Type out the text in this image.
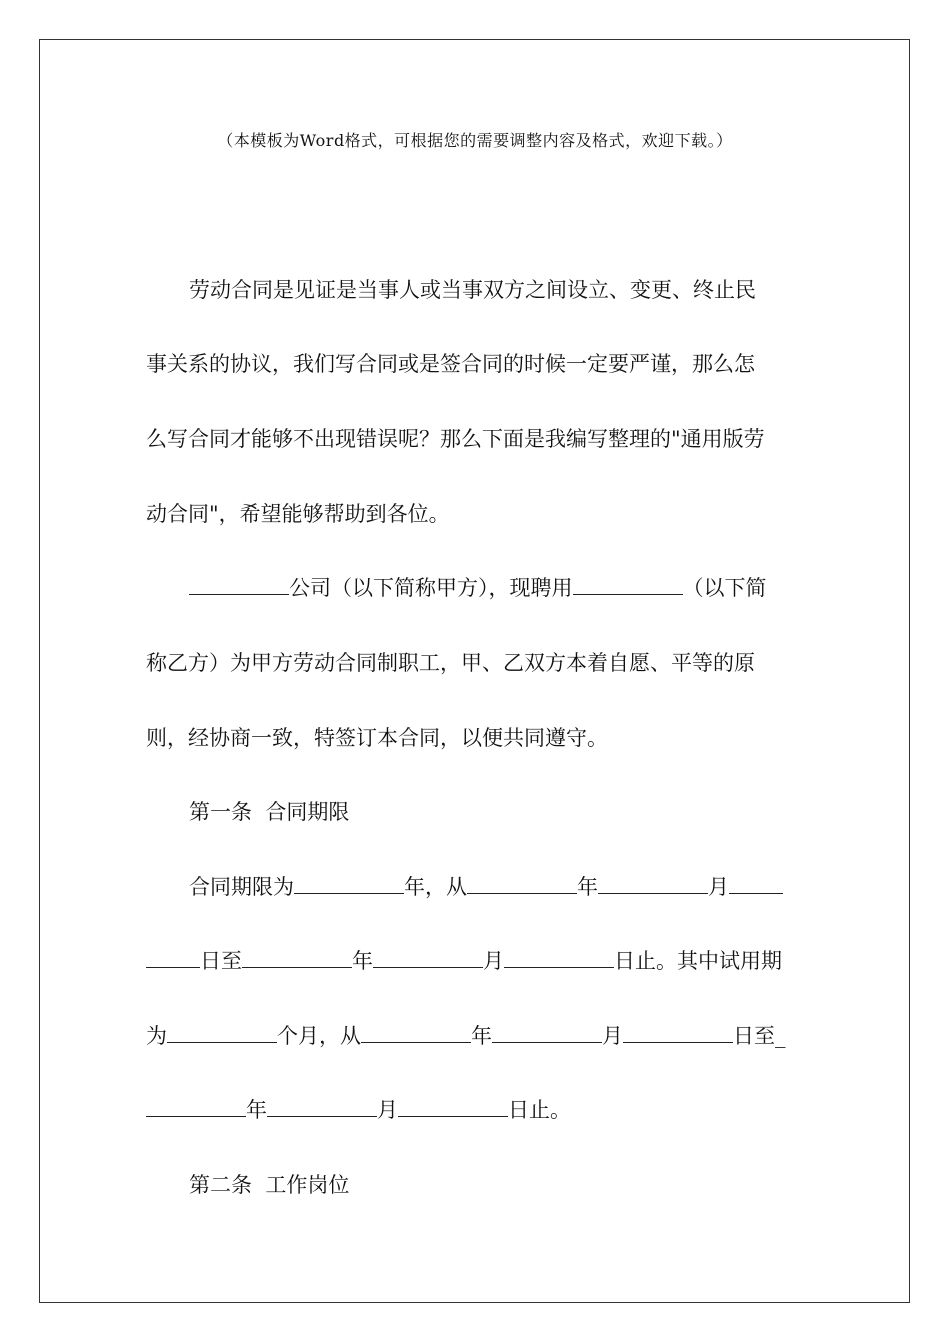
（本模板为Word格式，可根据您的需要调整内容及格式，欢迎下载。）
劳动合同是见证是当事人或当事双方之间设立、变更、终止民
事关系的协议，我们写合同或是签合同的时候一定要严谨，那么怎
么写合同才能够不出现错误呢？那么下面是我编写整理的"通用版劳
动合同"，希望能够帮助到各位。
公司（以下简称甲方），现聘用	（以下简
称乙方）为甲方劳动合同制职工，甲、乙双方本着自愿、平等的原
则，经协商一致，特签订本合同，以便共同遵守。
第一条  合同期限
合同期限为	年，从	年	月
日至	年	月	日止。其中试用期
为	个月，从	年	月	日至_
年	月	日止。
第二条  工作岗位
